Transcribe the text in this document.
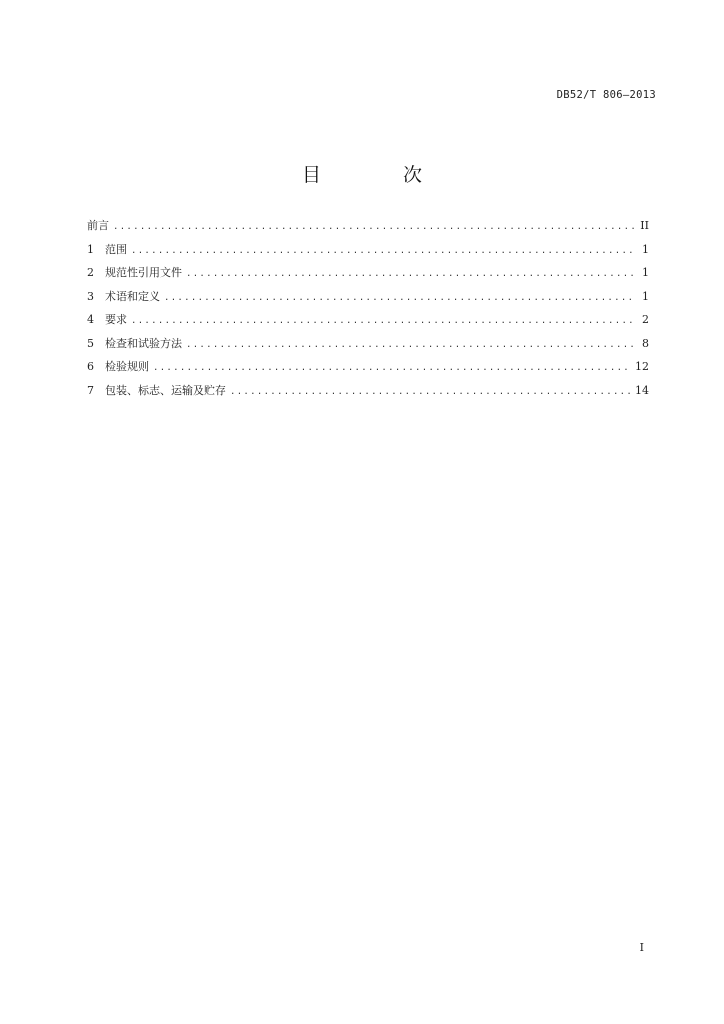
DB52/T 806—2013
目 次
前言 .....	II
1	范围 .....	1
2	规范性引用文件 .....	1
3	术语和定义 .....	1
4	要求 .....	2
5	检查和试验方法 .....	8
6	检验规则 .....	12
7	包装、标志、运输及贮存 .....	14
I
